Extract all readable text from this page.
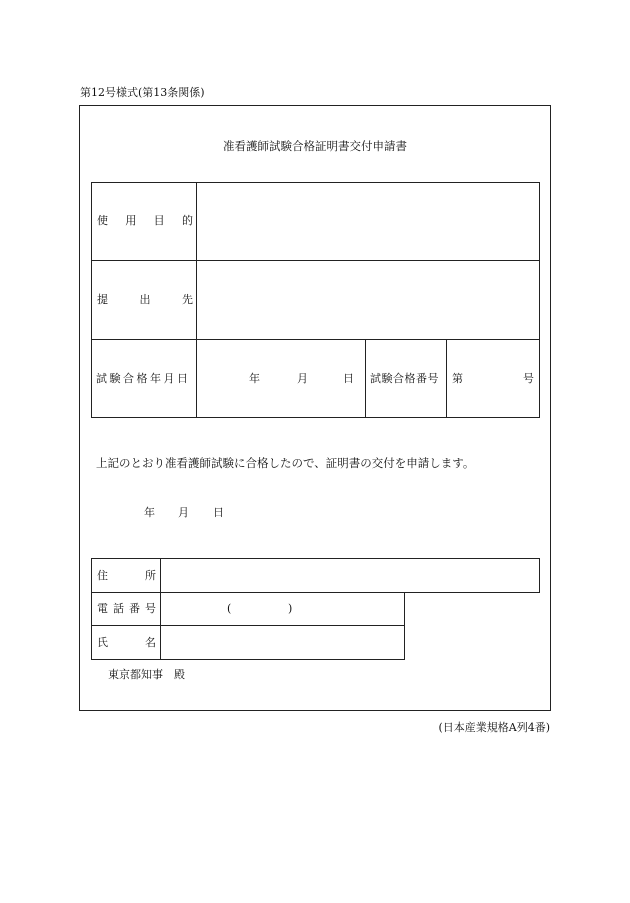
第12号様式(第13条関係)
准看護師試験合格証明書交付申請書
使 用 目 的
提	出	先
試験合格年月日	年	月	日 試験合格番号 第	号
上記のとおり准看護師試験に合格したので、証明書の交付を申請します。
年 月 日
住	所
電 話 番 号	(	)
氏	名
東京都知事　殿
(日本産業規格A列4番)
